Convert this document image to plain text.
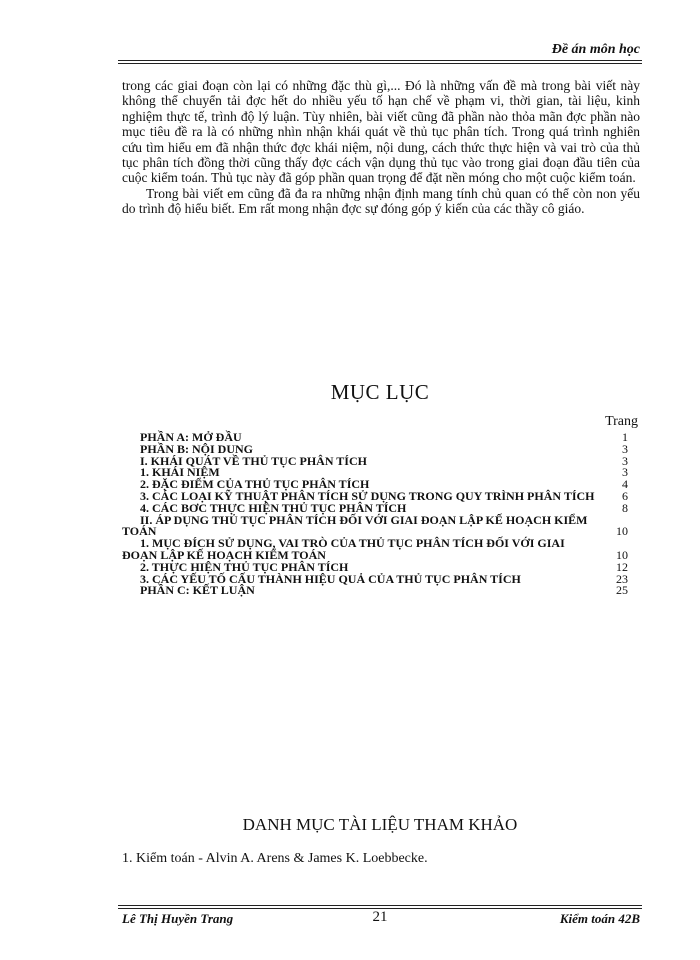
Đề án môn học

trong các giai đoạn còn lại có những đặc thù gì,... Đó là những vấn đề mà trong bài viết này không thể chuyển tải đợc hết do nhiều yếu tố hạn chế về phạm vi, thời gian, tài liệu, kinh nghiệm thực tế, trình độ lý luận. Tùy nhiên, bài viết cũng đã phần nào thỏa mãn đợc phần nào mục tiêu đề ra là có những nhìn nhận khái quát về thủ tục phân tích. Trong quá trình nghiên cứu tìm hiểu em đã nhận thức đợc khái niệm, nội dung, cách thức thực hiện và vai trò của thủ tục phân tích đồng thời cũng thấy đợc cách vận dụng thủ tục vào trong giai đoạn đầu tiên của cuộc kiểm toán. Thủ tục này đã góp phần quan trọng để đặt nền móng cho một cuộc kiểm toán.

Trong bài viết em cũng đã đa ra những nhận định mang tính chủ quan có thể còn non yếu do trình độ hiểu biết. Em rất mong nhận đợc sự đóng góp ý kiến của các thầy cô giáo.

MỤC LỤC
Trang
PHẦN A: MỞ ĐẦU	1
PHẦN B: NỘI DUNG	3
I. KHÁI QUÁT VỀ THỦ TỤC PHÂN TÍCH	3
1. KHÁI NIỆM	3
2. ĐẶC ĐIỂM CỦA THỦ TỤC PHÂN TÍCH	4
3. CÁC LOẠI KỸ THUẬT PHÂN TÍCH SỬ DỤNG TRONG QUY TRÌNH PHÂN TÍCH	6
4. CÁC BƠC THỰC HIỆN THỦ TỤC PHÂN TÍCH	8
II. ÁP DỤNG THỦ TỤC PHÂN TÍCH ĐỐI VỚI GIAI ĐOẠN LẬP KẾ HOẠCH KIỂM TOÁN	10
1. MỤC ĐÍCH SỬ DỤNG, VAI TRÒ CỦA THỦ TỤC PHÂN TÍCH ĐỐI VỚI GIAI ĐOẠN LẬP KẾ HOẠCH KIỂM TOÁN	10
2. THỰC HIỆN THỦ TỤC PHÂN TÍCH	12
3. CÁC YẾU TỐ CẤU THÀNH HIỆU QUẢ CỦA THỦ TỤC PHÂN TÍCH	23
PHẦN C: KẾT LUẬN	25
DANH MỤC TÀI LIỆU THAM KHẢO
1. Kiểm toán - Alvin A. Arens & James K. Loebbecke.
Lê Thị Huyền Trang	21	Kiểm toán 42B
